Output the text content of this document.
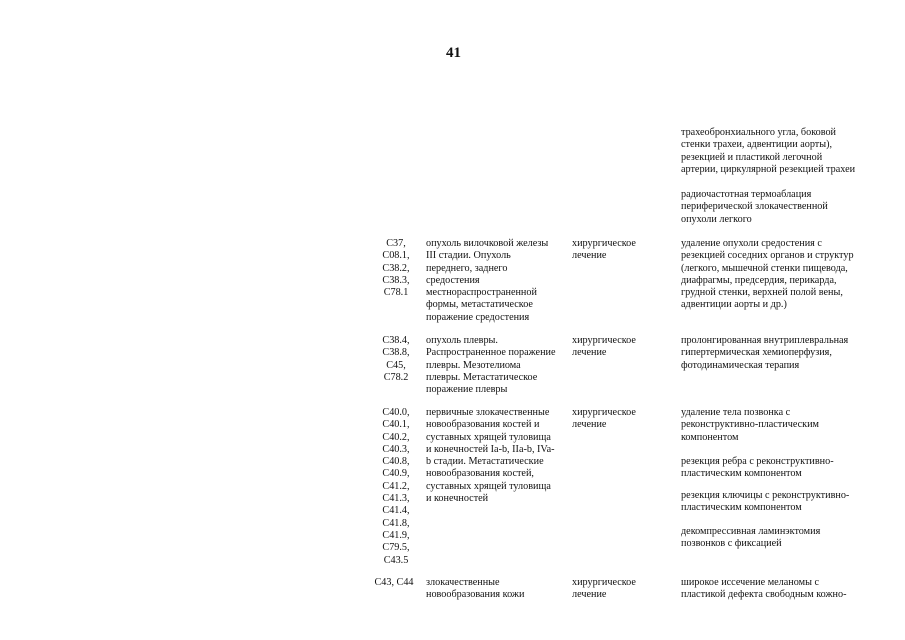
41
трахеобронхиального угла, боковой
стенки трахеи, адвентиции аорты),
резекцией и пластикой легочной
артерии, циркулярной резекцией трахеи
радиочастотная термоаблация
периферической злокачественной
опухоли легкого
C37,
C08.1,
C38.2,
C38.3,
C78.1
опухоль вилочковой железы
III стадии. Опухоль
переднего, заднего
средостения
местнораспространенной
формы, метастатическое
поражение средостения
хирургическое
лечение
удаление опухоли средостения с
резекцией соседних органов и структур
(легкого, мышечной стенки пищевода,
диафрагмы, предсердия, перикарда,
грудной стенки, верхней полой вены,
адвентиции аорты и др.)
C38.4,
C38.8,
C45,
C78.2
опухоль плевры.
Распространенное поражение
плевры. Мезотелиома
плевры. Метастатическое
поражение плевры
хирургическое
лечение
пролонгированная внутриплевральная
гипертермическая хемиоперфузия,
фотодинамическая терапия
C40.0,
C40.1,
C40.2,
C40.3,
C40.8,
C40.9,
C41.2,
C41.3,
C41.4,
C41.8,
C41.9,
C79.5,
C43.5
первичные злокачественные
новообразования костей и
суставных хрящей туловища
и конечностей Ia-b, IIa-b, IVa-
b стадии. Метастатические
новообразования костей,
суставных хрящей туловища
и конечностей
хирургическое
лечение
удаление тела позвонка с
реконструктивно-пластическим
компонентом
резекция ребра с реконструктивно-
пластическим компонентом
резекция ключицы с реконструктивно-
пластическим компонентом
декомпрессивная ламинэктомия
позвонков с фиксацией
C43, C44	злокачественные
новообразования кожи
хирургическое
лечение
широкое иссечение меланомы с
пластикой дефекта свободным кожно-
